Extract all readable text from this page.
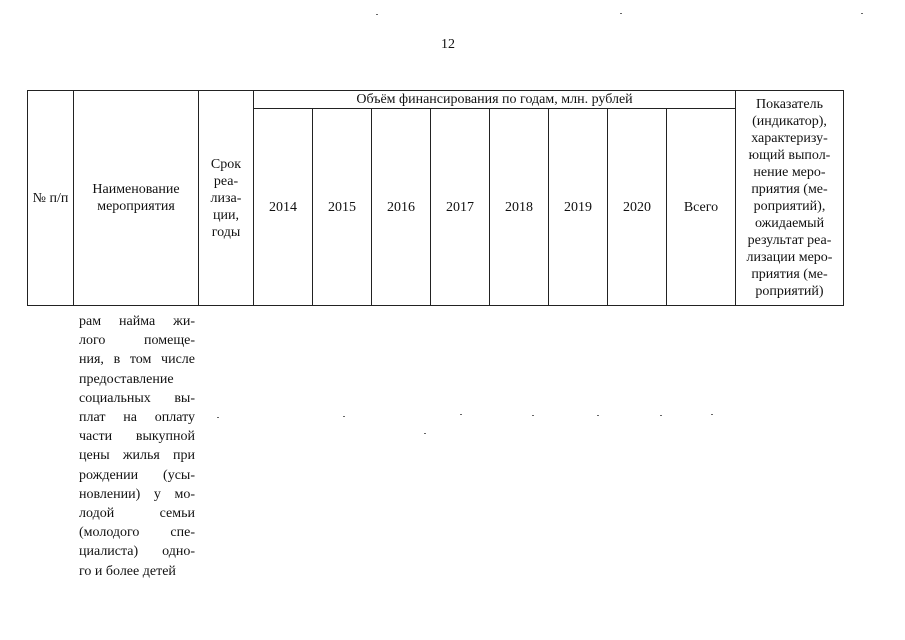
12
№ п/п	Наименование мероприятия	Срок реа-лиза-ции, годы	Объём финансирования по годам, млн. рублей								Показатель (индикатор), характеризу-ющий выпол-нение меро-приятия (ме-роприятий), ожидаемый результат реа-лизации меро-приятия (ме-роприятий)
			2014	2015	2016	2017	2018	2019	2020	Всего	
рам найма жи-
лого помеще-
ния, в том числе
предоставление
социальных вы-
плат на оплату
части выкупной
цены жилья при
рождении (усы-
новлении) у мо-
лодой семьи
(молодого спе-
циалиста) одно-
го и более детей
